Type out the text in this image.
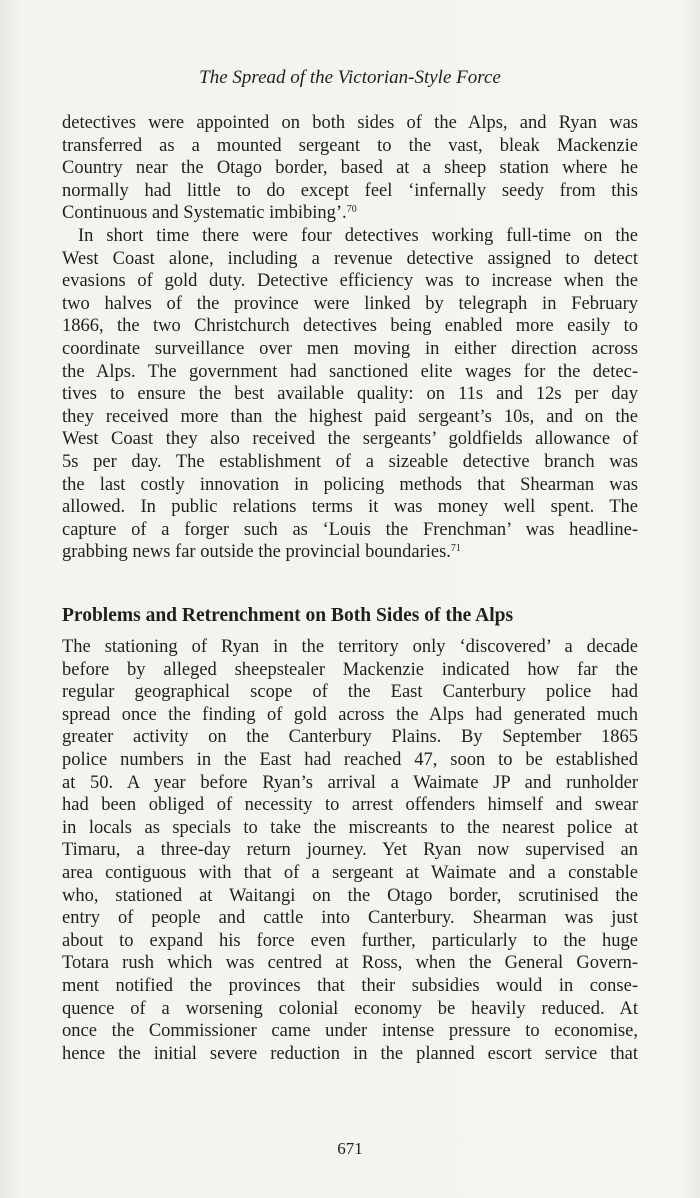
The Spread of the Victorian-Style Force

detectives were appointed on both sides of the Alps, and Ryan was
transferred as a mounted sergeant to the vast, bleak Mackenzie
Country near the Otago border, based at a sheep station where he
normally had little to do except feel ‘infernally seedy from this
Continuous and Systematic imbibing’.$^{70}$

In short time there were four detectives working full-time on the
West Coast alone, including a revenue detective assigned to detect
evasions of gold duty. Detective efficiency was to increase when the
two halves of the province were linked by telegraph in February
1866, the two Christchurch detectives being enabled more easily to
coordinate surveillance over men moving in either direction across
the Alps. The government had sanctioned elite wages for the detec-
tives to ensure the best available quality: on 11s and 12s per day
they received more than the highest paid sergeant’s 10s, and on the
West Coast they also received the sergeants’ goldfields allowance of
5s per day. The establishment of a sizeable detective branch was
the last costly innovation in policing methods that Shearman was
allowed. In public relations terms it was money well spent. The
capture of a forger such as ‘Louis the Frenchman’ was headline-
grabbing news far outside the provincial boundaries.$^{71}$

Problems and Retrenchment on Both Sides of the Alps

The stationing of Ryan in the territory only ‘discovered’ a decade
before by alleged sheepstealer Mackenzie indicated how far the
regular geographical scope of the East Canterbury police had
spread once the finding of gold across the Alps had generated much
greater activity on the Canterbury Plains. By September 1865
police numbers in the East had reached 47, soon to be established
at 50. A year before Ryan’s arrival a Waimate JP and runholder
had been obliged of necessity to arrest offenders himself and swear
in locals as specials to take the miscreants to the nearest police at
Timaru, a three-day return journey. Yet Ryan now supervised an
area contiguous with that of a sergeant at Waimate and a constable
who, stationed at Waitangi on the Otago border, scrutinised the
entry of people and cattle into Canterbury. Shearman was just
about to expand his force even further, particularly to the huge
Totara rush which was centred at Ross, when the General Govern-
ment notified the provinces that their subsidies would in conse-
quence of a worsening colonial economy be heavily reduced. At
once the Commissioner came under intense pressure to economise,
hence the initial severe reduction in the planned escort service that

671
